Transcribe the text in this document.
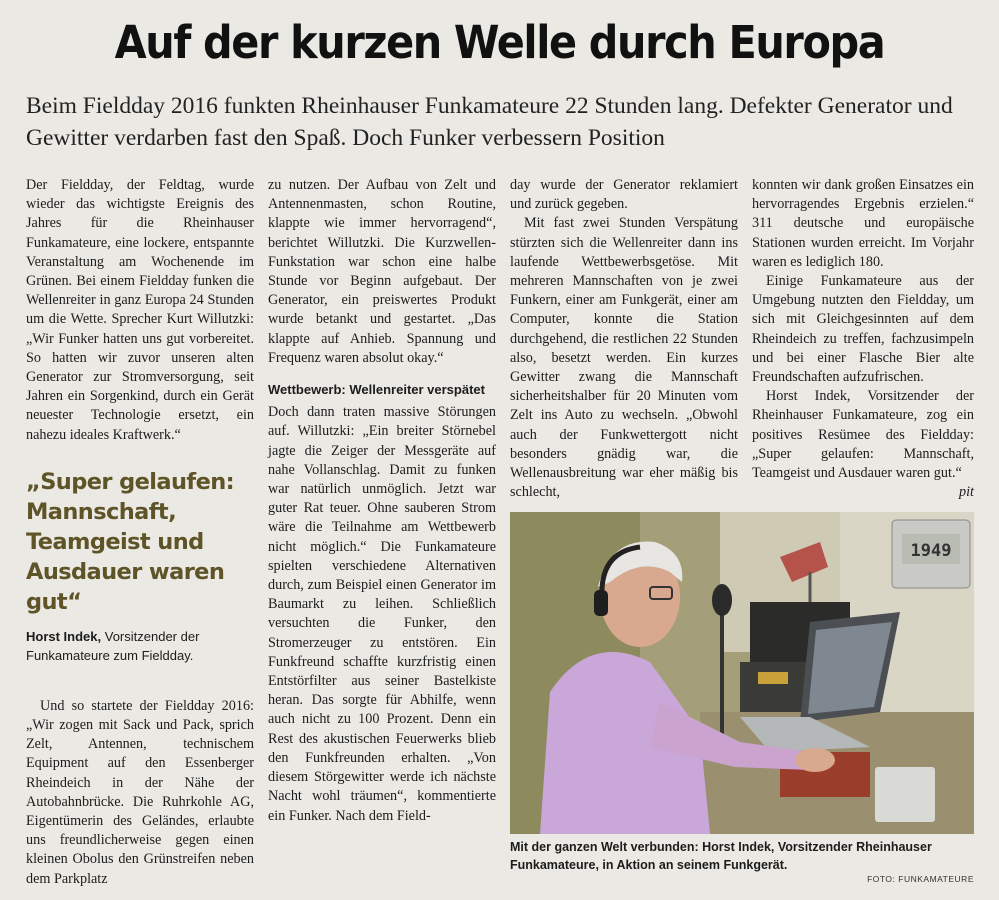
Auf der kurzen Welle durch Europa

Beim Fieldday 2016 funkten Rheinhauser Funkamateure 22 Stunden lang. Defekter Generator und Gewitter verdarben fast den Spaß. Doch Funker verbessern Position

Der Fieldday, der Feldtag, wurde wieder das wichtigste Ereignis des Jahres für die Rheinhauser Funkamateure, eine lockere, entspannte Veranstaltung am Wochenende im Grünen. Bei einem Fieldday funken die Wellenreiter in ganz Europa 24 Stunden um die Wette. Sprecher Kurt Willutzki: „Wir Funker hatten uns gut vorbereitet. So hatten wir zuvor unseren alten Generator zur Stromversorgung, seit Jahren ein Sorgenkind, durch ein Gerät neuester Technologie ersetzt, ein nahezu ideales Kraftwerk.“

„Super gelaufen: Mannschaft, Teamgeist und Ausdauer waren gut“
Horst Indek, Vorsitzender der Funkamateure zum Fieldday.

Und so startete der Fieldday 2016: „Wir zogen mit Sack und Pack, sprich Zelt, Antennen, technischem Equipment auf den Essenberger Rheindeich in der Nähe der Autobahnbrücke. Die Ruhrkohle AG, Eigentümerin des Geländes, erlaubte uns freundlicherweise gegen einen kleinen Obolus den Grünstreifen neben dem Parkplatz

zu nutzen. Der Aufbau von Zelt und Antennenmasten, schon Routine, klappte wie immer hervorragend“, berichtet Willutzki. Die Kurzwellen-Funkstation war schon eine halbe Stunde vor Beginn aufgebaut. Der Generator, ein preiswertes Produkt wurde betankt und gestartet. „Das klappte auf Anhieb. Spannung und Frequenz waren absolut okay.“

Wettbewerb: Wellenreiter verspätet

Doch dann traten massive Störungen auf. Willutzki: „Ein breiter Störnebel jagte die Zeiger der Messgeräte auf nahe Vollanschlag. Damit zu funken war natürlich unmöglich. Jetzt war guter Rat teuer. Ohne sauberen Strom wäre die Teilnahme am Wettbewerb nicht möglich.“ Die Funkamateure spielten verschiedene Alternativen durch, zum Beispiel einen Generator im Baumarkt zu leihen. Schließlich versuchten die Funker, den Stromerzeuger zu entstören. Ein Funkfreund schaffte kurzfristig einen Entstörfilter aus seiner Bastelkiste heran. Das sorgte für Abhilfe, wenn auch nicht zu 100 Prozent. Denn ein Rest des akustischen Feuerwerks blieb den Funkfreunden erhalten. „Von diesem Störgewitter werde ich nächste Nacht wohl träumen“, kommentierte ein Funker. Nach dem Field-

day wurde der Generator reklamiert und zurück gegeben.

Mit fast zwei Stunden Verspätung stürzten sich die Wellenreiter dann ins laufende Wettbewerbsgetöse. Mit mehreren Mannschaften von je zwei Funkern, einer am Funkgerät, einer am Computer, konnte die Station durchgehend, die restlichen 22 Stunden also, besetzt werden. Ein kurzes Gewitter zwang die Mannschaft sicherheitshalber für 20 Minuten vom Zelt ins Auto zu wechseln. „Obwohl auch der Funkwettergott nicht besonders gnädig war, die Wellenausbreitung war eher mäßig bis schlecht,

konnten wir dank großen Einsatzes ein hervorragendes Ergebnis erzielen.“ 311 deutsche und europäische Stationen wurden erreicht. Im Vorjahr waren es lediglich 180.

Einige Funkamateure aus der Umgebung nutzten den Fieldday, um sich mit Gleichgesinnten auf dem Rheindeich zu treffen, fachzusimpeln und bei einer Flasche Bier alte Freundschaften aufzufrischen.

Horst Indek, Vorsitzender der Rheinhauser Funkamateure, zog ein positives Resümee des Fieldday: „Super gelaufen: Mannschaft, Teamgeist und Ausdauer waren gut.“
pit

1949
Mit der ganzen Welt verbunden: Horst Indek, Vorsitzender Rheinhauser Funkamateure, in Aktion an seinem Funkgerät.
FOTO: FUNKAMATEURE
